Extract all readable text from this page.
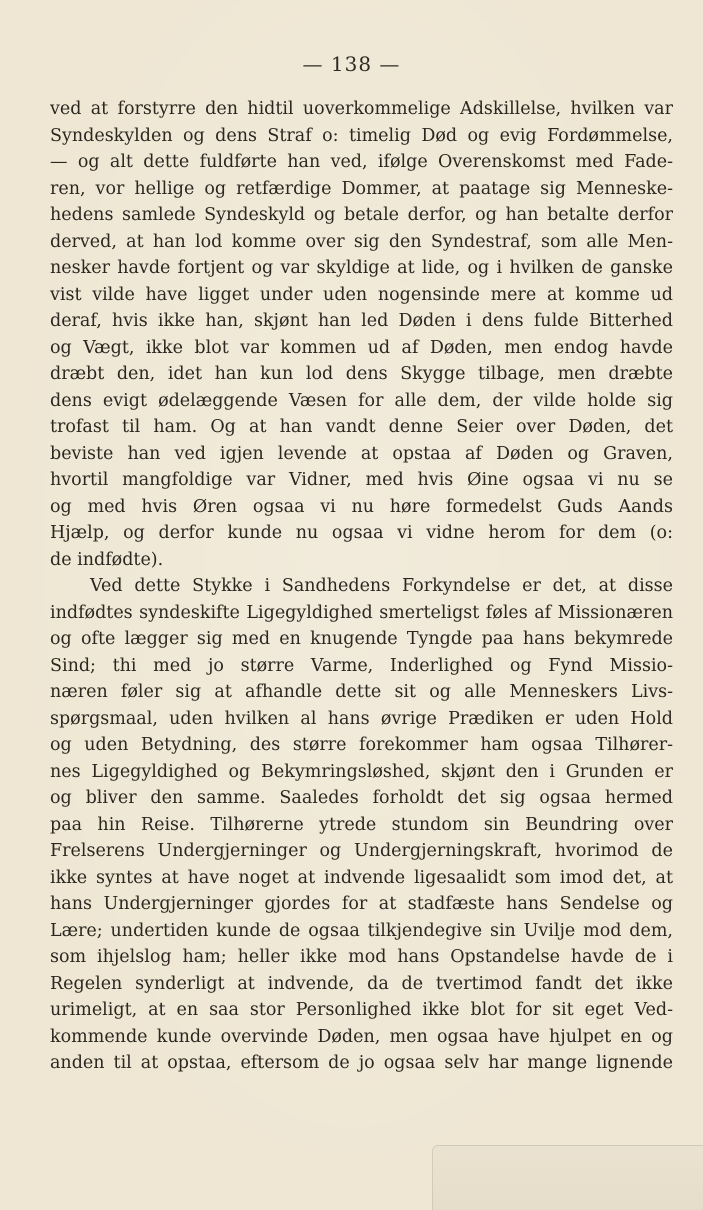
— 138 —
ved at forstyrre den hidtil uoverkommelige Adskillelse, hvilken var
Syndeskylden og dens Straf o: timelig Død og evig Fordømmelse,
— og alt dette fuldførte han ved, ifølge Overenskomst med Fade-
ren, vor hellige og retfærdige Dommer, at paatage sig Menneske-
hedens samlede Syndeskyld og betale derfor, og han betalte derfor
derved, at han lod komme over sig den Syndestraf, som alle Men-
nesker havde fortjent og var skyldige at lide, og i hvilken de ganske
vist vilde have ligget under uden nogensinde mere at komme ud
deraf, hvis ikke han, skjønt han led Døden i dens fulde Bitterhed
og Vægt, ikke blot var kommen ud af Døden, men endog havde
dræbt den, idet han kun lod dens Skygge tilbage, men dræbte
dens evigt ødelæggende Væsen for alle dem, der vilde holde sig
trofast til ham. Og at han vandt denne Seier over Døden, det
beviste han ved igjen levende at opstaa af Døden og Graven,
hvortil mangfoldige var Vidner, med hvis Øine ogsaa vi nu se
og med hvis Øren ogsaa vi nu høre formedelst Guds Aands
Hjælp, og derfor kunde nu ogsaa vi vidne herom for dem (o:
de indfødte).
Ved dette Stykke i Sandhedens Forkyndelse er det, at disse
indfødtes syndeskifte Ligegyldighed smerteligst føles af Missionæren
og ofte lægger sig med en knugende Tyngde paa hans bekymrede
Sind; thi med jo større Varme, Inderlighed og Fynd Missio-
næren føler sig at afhandle dette sit og alle Menneskers Livs-
spørgsmaal, uden hvilken al hans øvrige Prædiken er uden Hold
og uden Betydning, des større forekommer ham ogsaa Tilhører-
nes Ligegyldighed og Bekymringsløshed, skjønt den i Grunden er
og bliver den samme. Saaledes forholdt det sig ogsaa hermed
paa hin Reise. Tilhørerne ytrede stundom sin Beundring over
Frelserens Undergjerninger og Undergjerningskraft, hvorimod de
ikke syntes at have noget at indvende ligesaalidt som imod det, at
hans Undergjerninger gjordes for at stadfæste hans Sendelse og
Lære; undertiden kunde de ogsaa tilkjendegive sin Uvilje mod dem,
som ihjelslog ham; heller ikke mod hans Opstandelse havde de i
Regelen synderligt at indvende, da de tvertimod fandt det ikke
urimeligt, at en saa stor Personlighed ikke blot for sit eget Ved-
kommende kunde overvinde Døden, men ogsaa have hjulpet en og
anden til at opstaa, eftersom de jo ogsaa selv har mange lignende
